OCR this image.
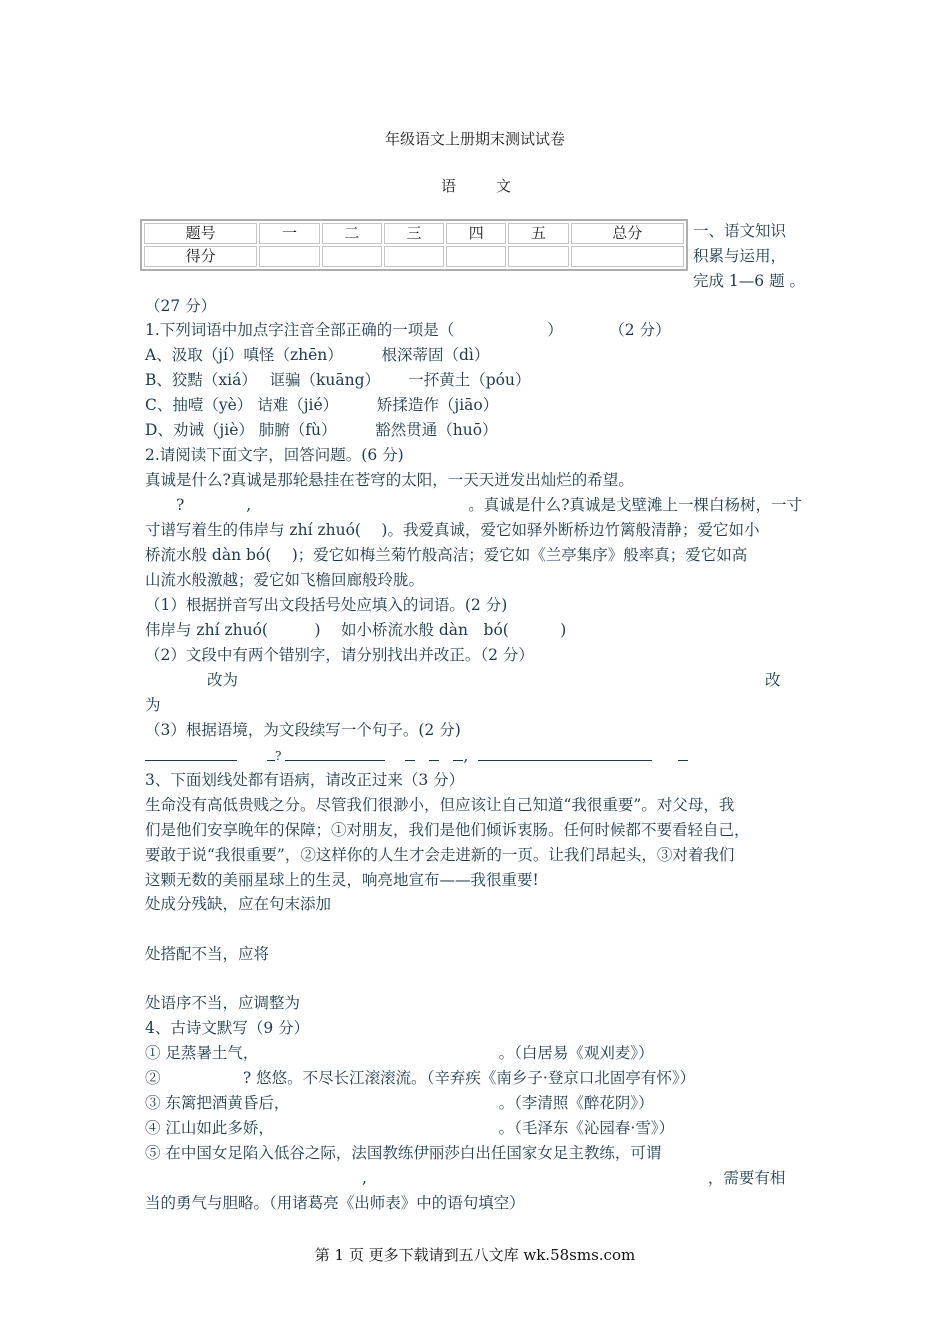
年级语文上册期末测试试卷
语	文
题号	一	二	三	四	五	总分
得分						
一、语文知识
积累与运用，
完成 1—6 题 。
（27 分）
1.下列词语中加点字注音全部正确的一项是（　　　　　　）　　　　（2 分）
A、汲取（jí）嗔怪（zhēn）　　　根深蒂固（dì）
B、狡黠（xiá）　 诓骗（kuāng）　　 一抔黄土（póu）
C、抽噎（yè） 诘难（jié）　　　矫揉造作（jiāo）
D、劝诫（jiè） 肺腑（fù）　　　豁然贯通（huō）
2.请阅读下面文字，回答问题。(6 分)
真诚是什么?真诚是那轮悬挂在苍穹的太阳，一天天迸发出灿烂的希望。
　　?　　　　,　　　　　　　　　　　　　　。真诚是什么?真诚是戈壁滩上一棵白杨树，一寸
寸谱写着生的伟岸与 zhí zhuó(　 )。我爱真诚，爱它如驿外断桥边竹篱般清静；爱它如小
桥流水般 dàn bó(　 )；爱它如梅兰菊竹般高洁；爱它如《兰亭集序》般率真；爱它如高
山流水般激越；爱它如飞檐回廊般玲胧。
（1）根据拼音写出文段括号处应填入的词语。(2 分)
伟岸与 zhí zhuó(　　　)　 如小桥流水般 dàn　bó(　　　 )
（2）文段中有两个错别字，请分别找出并改正。（2 分）
改为	改
为
（3）根据语境，为文段续写一个句子。(2 分)
?	,
3、下面划线处都有语病，请改正过来（3 分）
生命没有高低贵贱之分。尽管我们很渺小，但应该让自己知道“我很重要”。对父母，我
们是他们安享晚年的保障；①对朋友，我们是他们倾诉衷肠。任何时候都不要看轻自己，
要敢于说“我很重要”，②这样你的人生才会走进新的一页。让我们昂起头，③对着我们
这颗无数的美丽星球上的生灵，响亮地宣布——我很重要!
处成分残缺，应在句末添加
处搭配不当，应将
处语序不当，应调整为
4、古诗文默写（9 分）
① 足蒸暑土气，　　　　　　　　　　　　　　　　。（白居易《观刈麦》）
②　　　　　 ? 悠悠。不尽长江滚滚流。（辛弃疾《南乡子·登京口北固亭有怀》）
③ 东篱把酒黄昏后，　　　　　　　　　　　　　　。（李清照《醉花阴》）
④ 江山如此多娇，　　　　　　　　　　　　　　　。（毛泽东《沁园春·雪》）
⑤ 在中国女足陷入低谷之际，法国教练伊丽莎白出任国家女足主教练，可谓
　　　　　　　　　　　　　　,　　　　　　　　　　　　　　　　　　　　　　，需要有相
当的勇气与胆略。（用诸葛亮《出师表》中的语句填空）
第 1 页 更多下载请到五八文库 wk.58sms.com
